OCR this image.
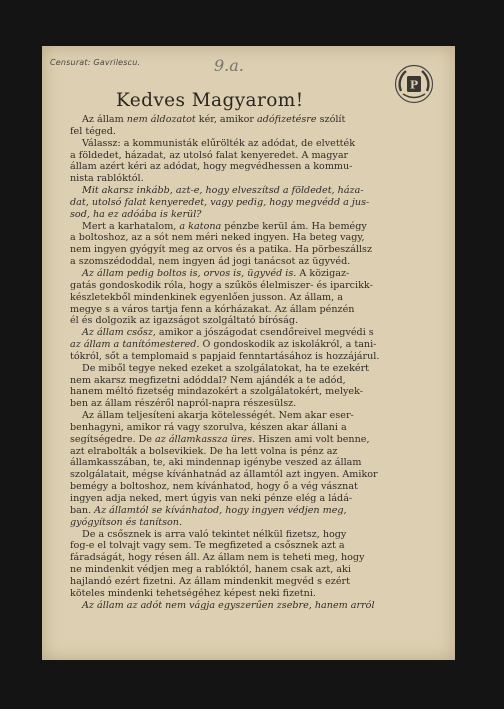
Censurat: Gavrilescu.	9.a.
P
Kedves Magyarom!
Az állam nem áldozatot kér, amikor adófizetésre szólít
fel téged.
Válassz: a kommunisták elűrölték az adódat, de elvették
a földedet, házadat, az utolsó falat kenyeredet. A magyar
állam azért kéri az adódat, hogy megvédhessen a kommu-
nista rablóktól.
Mit akarsz inkább, azt-e, hogy elveszítsd a földedet, háza-
dat, utolsó falat kenyeredet, vagy pedig, hogy megvédd a jus-
sod, ha ez adóába is kerül?
Mert a karhatalom, a katona pénzbe kerül ám. Ha bemégy
a boltoshoz, az a sót nem méri neked ingyen. Ha beteg vagy,
nem ingyen gyógyít meg az orvos és a patika. Ha pörbeszállsz
a szomszédoddal, nem ingyen ád jogi tanácsot az ügyvéd.
Az állam pedig boltos is, orvos is, ügyvéd is. A közigaz-
gatás gondoskodik róla, hogy a szűkös élelmiszer- és iparcikk-
készletekből mindenkinek egyenlően jusson. Az állam, a
megye s a város tartja fenn a kórházakat. Az állam pénzén
él és dolgozik az igazságot szolgáltató bíróság.
Az állam csősz, amikor a jószágodat csendőreivel megvédi s
az állam a tanítómestered. Ő gondoskodik az iskolákról, a tani-
tókról, sőt a templomaid s papjaid fenntartásához is hozzájárul.
De miből tegye neked ezeket a szolgálatokat, ha te ezekért
nem akarsz megfizetni adóddal? Nem ajándék a te adód,
hanem méltó fizetség mindazokért a szolgálatokért, melyek-
ben az állam részéről napról-napra részesülsz.
Az állam teljesíteni akarja kötelességét. Nem akar eser-
benhagyni, amikor rá vagy szorulva, készen akar állani a
segítségedre. De az államkassza üres. Hiszen ami volt benne,
azt elrabolták a bolsevikiek. De ha lett volna is pénz az
államkasszában, te, aki mindennap igénybe veszed az állam
szolgálatait, mégse kívánhatnád az államtól azt ingyen. Amikor
bemégy a boltoshoz, nem kívánhatod, hogy ő a vég vásznat
ingyen adja neked, mert úgyis van neki pénze elég a ládá-
ban. Az államtól se kívánhatod, hogy ingyen védjen meg,
gyógyítson és tanítson.
De a csősznek is arra való tekintet nélkül fizetsz, hogy
fog-e el tolvajt vagy sem. Te megfizeted a csősznek azt a
fáradságát, hogy résen áll. Az állam nem is teheti meg, hogy
ne mindenkit védjen meg a rablóktól, hanem csak azt, aki
hajlandó ezért fizetni. Az állam mindenkit megvéd s ezért
köteles mindenki tehetségéhez képest neki fizetni.
Az állam az adót nem vágja egyszerűen zsebre, hanem arról
